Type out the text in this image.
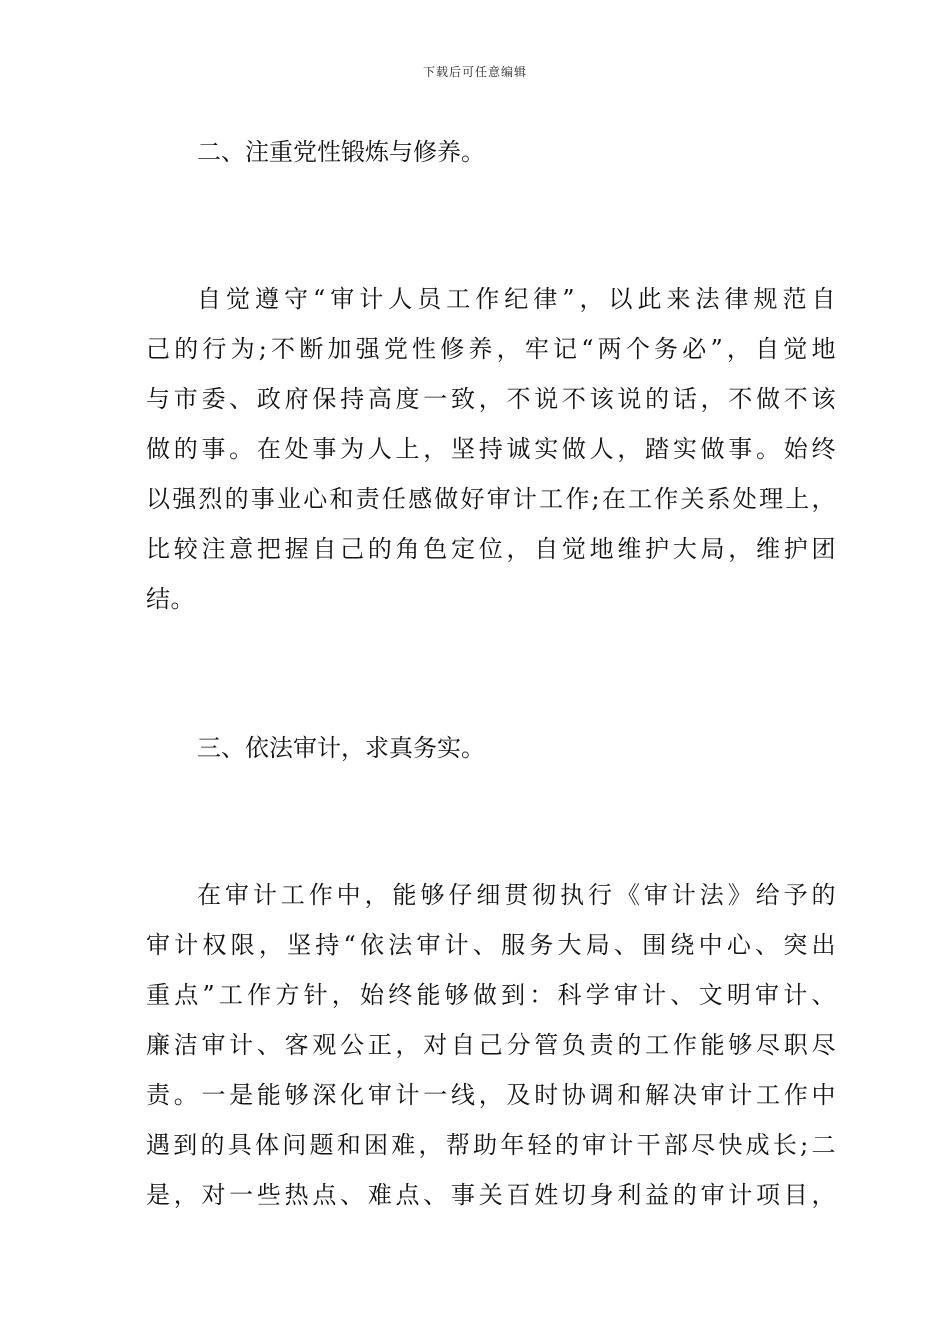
下载后可任意编辑
二、注重党性锻炼与修养。
自觉遵守“审计人员工作纪律”，以此来法律规范自
己的行为;不断加强党性修养，牢记“两个务必”，自觉地
与市委、政府保持高度一致，不说不该说的话，不做不该
做的事。在处事为人上，坚持诚实做人，踏实做事。始终
以强烈的事业心和责任感做好审计工作;在工作关系处理上，
比较注意把握自己的角色定位，自觉地维护大局，维护团
结。
三、依法审计，求真务实。
在审计工作中，能够仔细贯彻执行《审计法》给予的
审计权限，坚持“依法审计、服务大局、围绕中心、突出
重点”工作方针，始终能够做到：科学审计、文明审计、
廉洁审计、客观公正，对自己分管负责的工作能够尽职尽
责。一是能够深化审计一线，及时协调和解决审计工作中
遇到的具体问题和困难，帮助年轻的审计干部尽快成长;二
是，对一些热点、难点、事关百姓切身利益的审计项目，
